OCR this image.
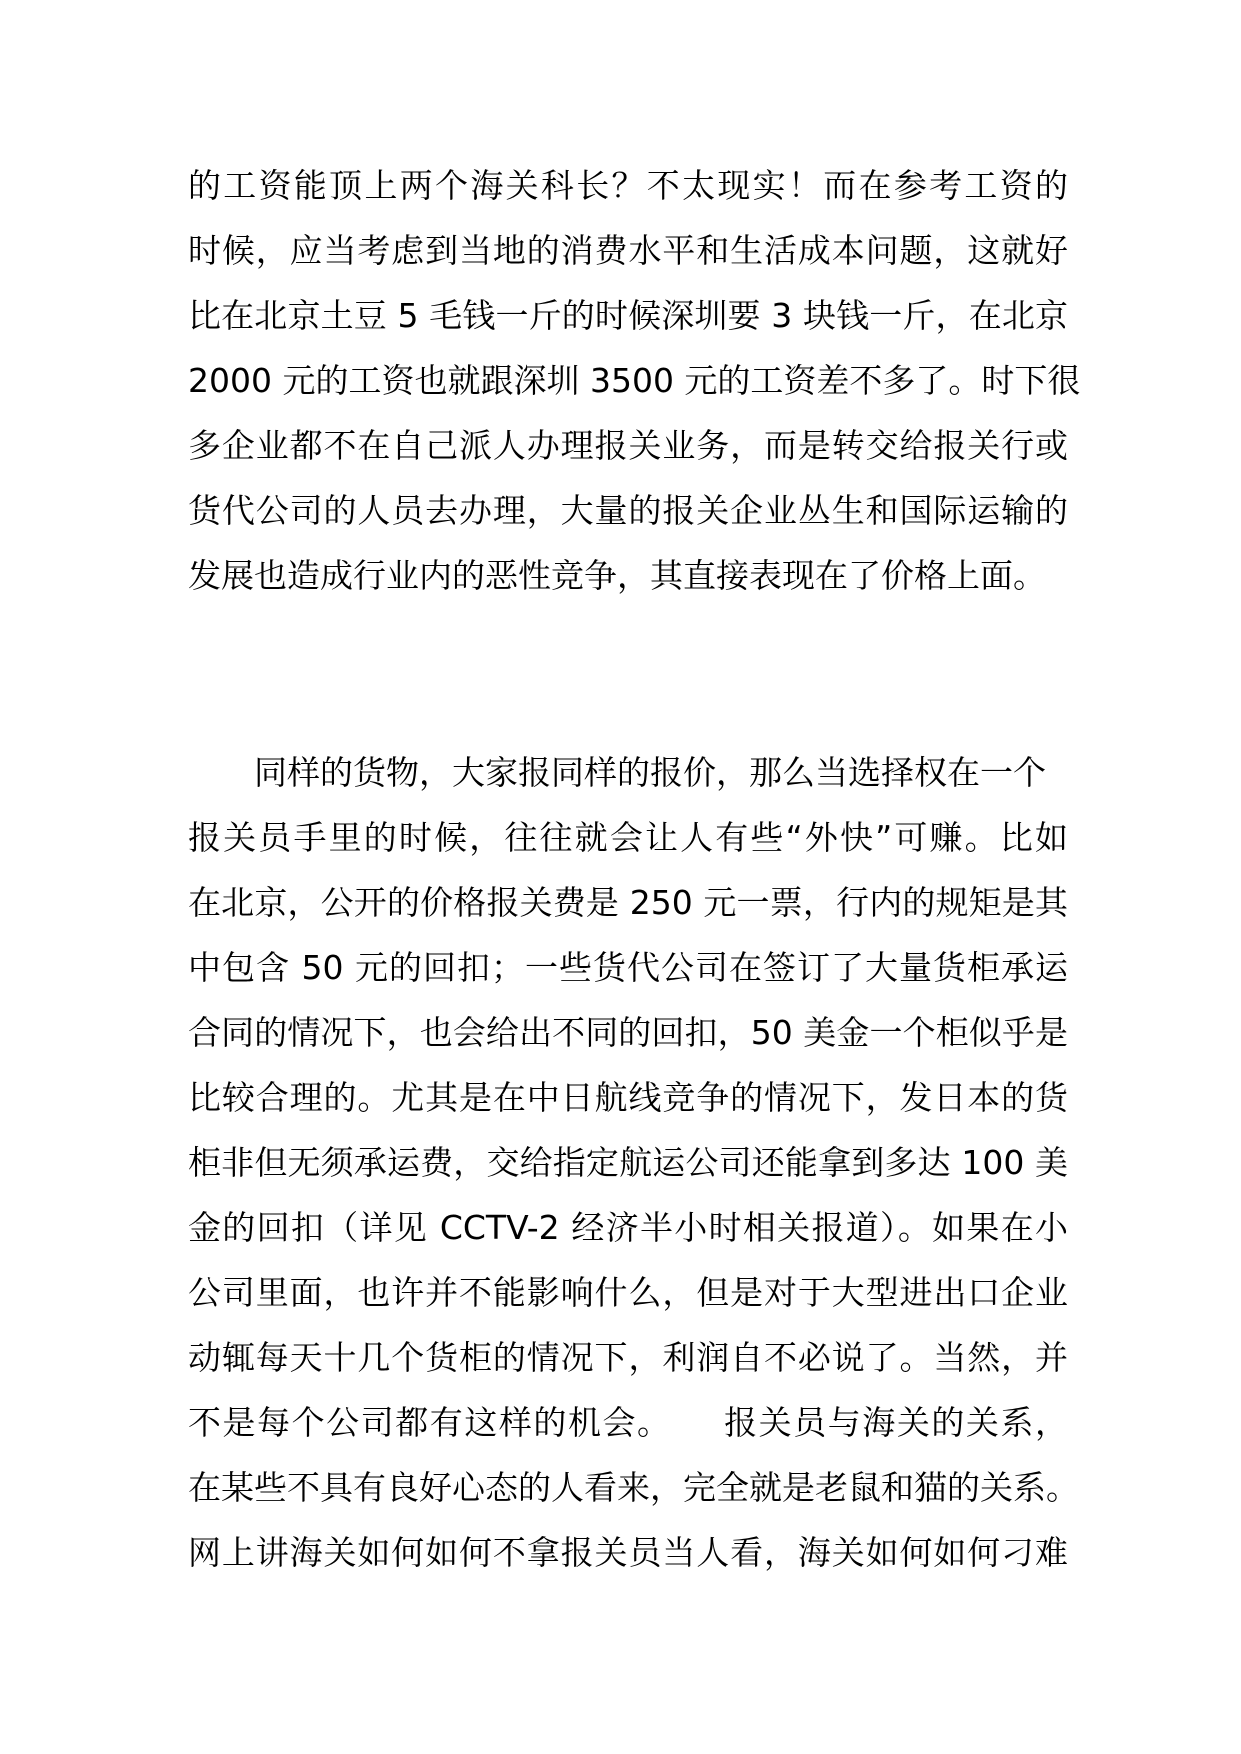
的工资能顶上两个海关科长？不太现实！而在参考工资的
时候，应当考虑到当地的消费水平和生活成本问题，这就好
比在北京土豆 5 毛钱一斤的时候深圳要 3 块钱一斤，在北京
2000 元的工资也就跟深圳 3500 元的工资差不多了。时下很
多企业都不在自己派人办理报关业务，而是转交给报关行或
货代公司的人员去办理，大量的报关企业丛生和国际运输的
发展也造成行业内的恶性竞争，其直接表现在了价格上面。
　　同样的货物，大家报同样的报价，那么当选择权在一个
报关员手里的时候，往往就会让人有些“外快”可赚。比如
在北京，公开的价格报关费是 250 元一票，行内的规矩是其
中包含 50 元的回扣；一些货代公司在签订了大量货柜承运
合同的情况下，也会给出不同的回扣，50 美金一个柜似乎是
比较合理的。尤其是在中日航线竞争的情况下，发日本的货
柜非但无须承运费，交给指定航运公司还能拿到多达 100 美
金的回扣（详见 CCTV-2 经济半小时相关报道）。如果在小
公司里面，也许并不能影响什么，但是对于大型进出口企业
动辄每天十几个货柜的情况下，利润自不必说了。当然，并
不是每个公司都有这样的机会。　　报关员与海关的关系，
在某些不具有良好心态的人看来，完全就是老鼠和猫的关系。
网上讲海关如何如何不拿报关员当人看，海关如何如何刁难
